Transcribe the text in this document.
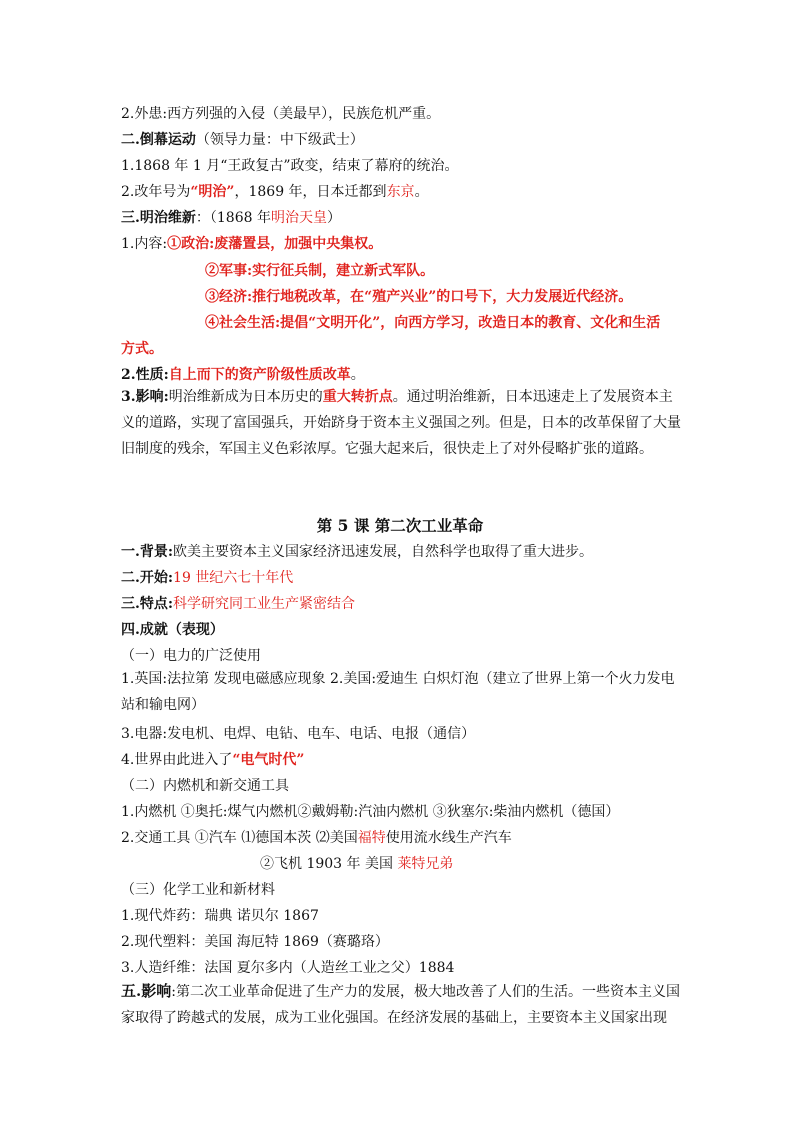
2.外患:西方列强的入侵（美最早），民族危机严重。
二.倒幕运动（领导力量：中下级武士）
1.1868 年 1 月“王政复古”政变，结束了幕府的统治。
2.改年号为“明治”，1869 年，日本迁都到东京。
三.明治维新：（1868 年明治天皇）
1.内容:①政治:废藩置县，加强中央集权。
②军事:实行征兵制，建立新式军队。
③经济:推行地税改革，在“殖产兴业”的口号下，大力发展近代经济。
④社会生活:提倡“文明开化”，向西方学习，改造日本的教育、文化和生活
方式。
2.性质:自上而下的资产阶级性质改革。
3.影响:明治维新成为日本历史的重大转折点。通过明治维新，日本迅速走上了发展资本主义的道路，实现了富国强兵，开始跻身于资本主义强国之列。但是，日本的改革保留了大量旧制度的残余，军国主义色彩浓厚。它强大起来后，很快走上了对外侵略扩张的道路。
第 5 课 第二次工业革命
一.背景:欧美主要资本主义国家经济迅速发展，自然科学也取得了重大进步。
二.开始:19 世纪六七十年代
三.特点:科学研究同工业生产紧密结合
四.成就（表现）
（一）电力的广泛使用
1.英国:法拉第 发现电磁感应现象 2.美国:爱迪生 白炽灯泡（建立了世界上第一个火力发电站和输电网）
3.电器:发电机、电焊、电钻、电车、电话、电报（通信）
4.世界由此进入了“电气时代”
（二）内燃机和新交通工具
1.内燃机 ①奥托:煤气内燃机②戴姆勒:汽油内燃机 ③狄塞尔:柴油内燃机（德国）
2.交通工具 ①汽车 ⑴德国本茨 ⑵美国福特使用流水线生产汽车
②飞机 1903 年 美国 莱特兄弟
（三）化学工业和新材料
1.现代炸药：瑞典 诺贝尔 1867
2.现代塑料：美国 海厄特 1869（赛璐珞）
3.人造纤维：法国 夏尔多内（人造丝工业之父）1884
五.影响:第二次工业革命促进了生产力的发展，极大地改善了人们的生活。一些资本主义国家取得了跨越式的发展，成为工业化强国。在经济发展的基础上，主要资本主义国家出现
